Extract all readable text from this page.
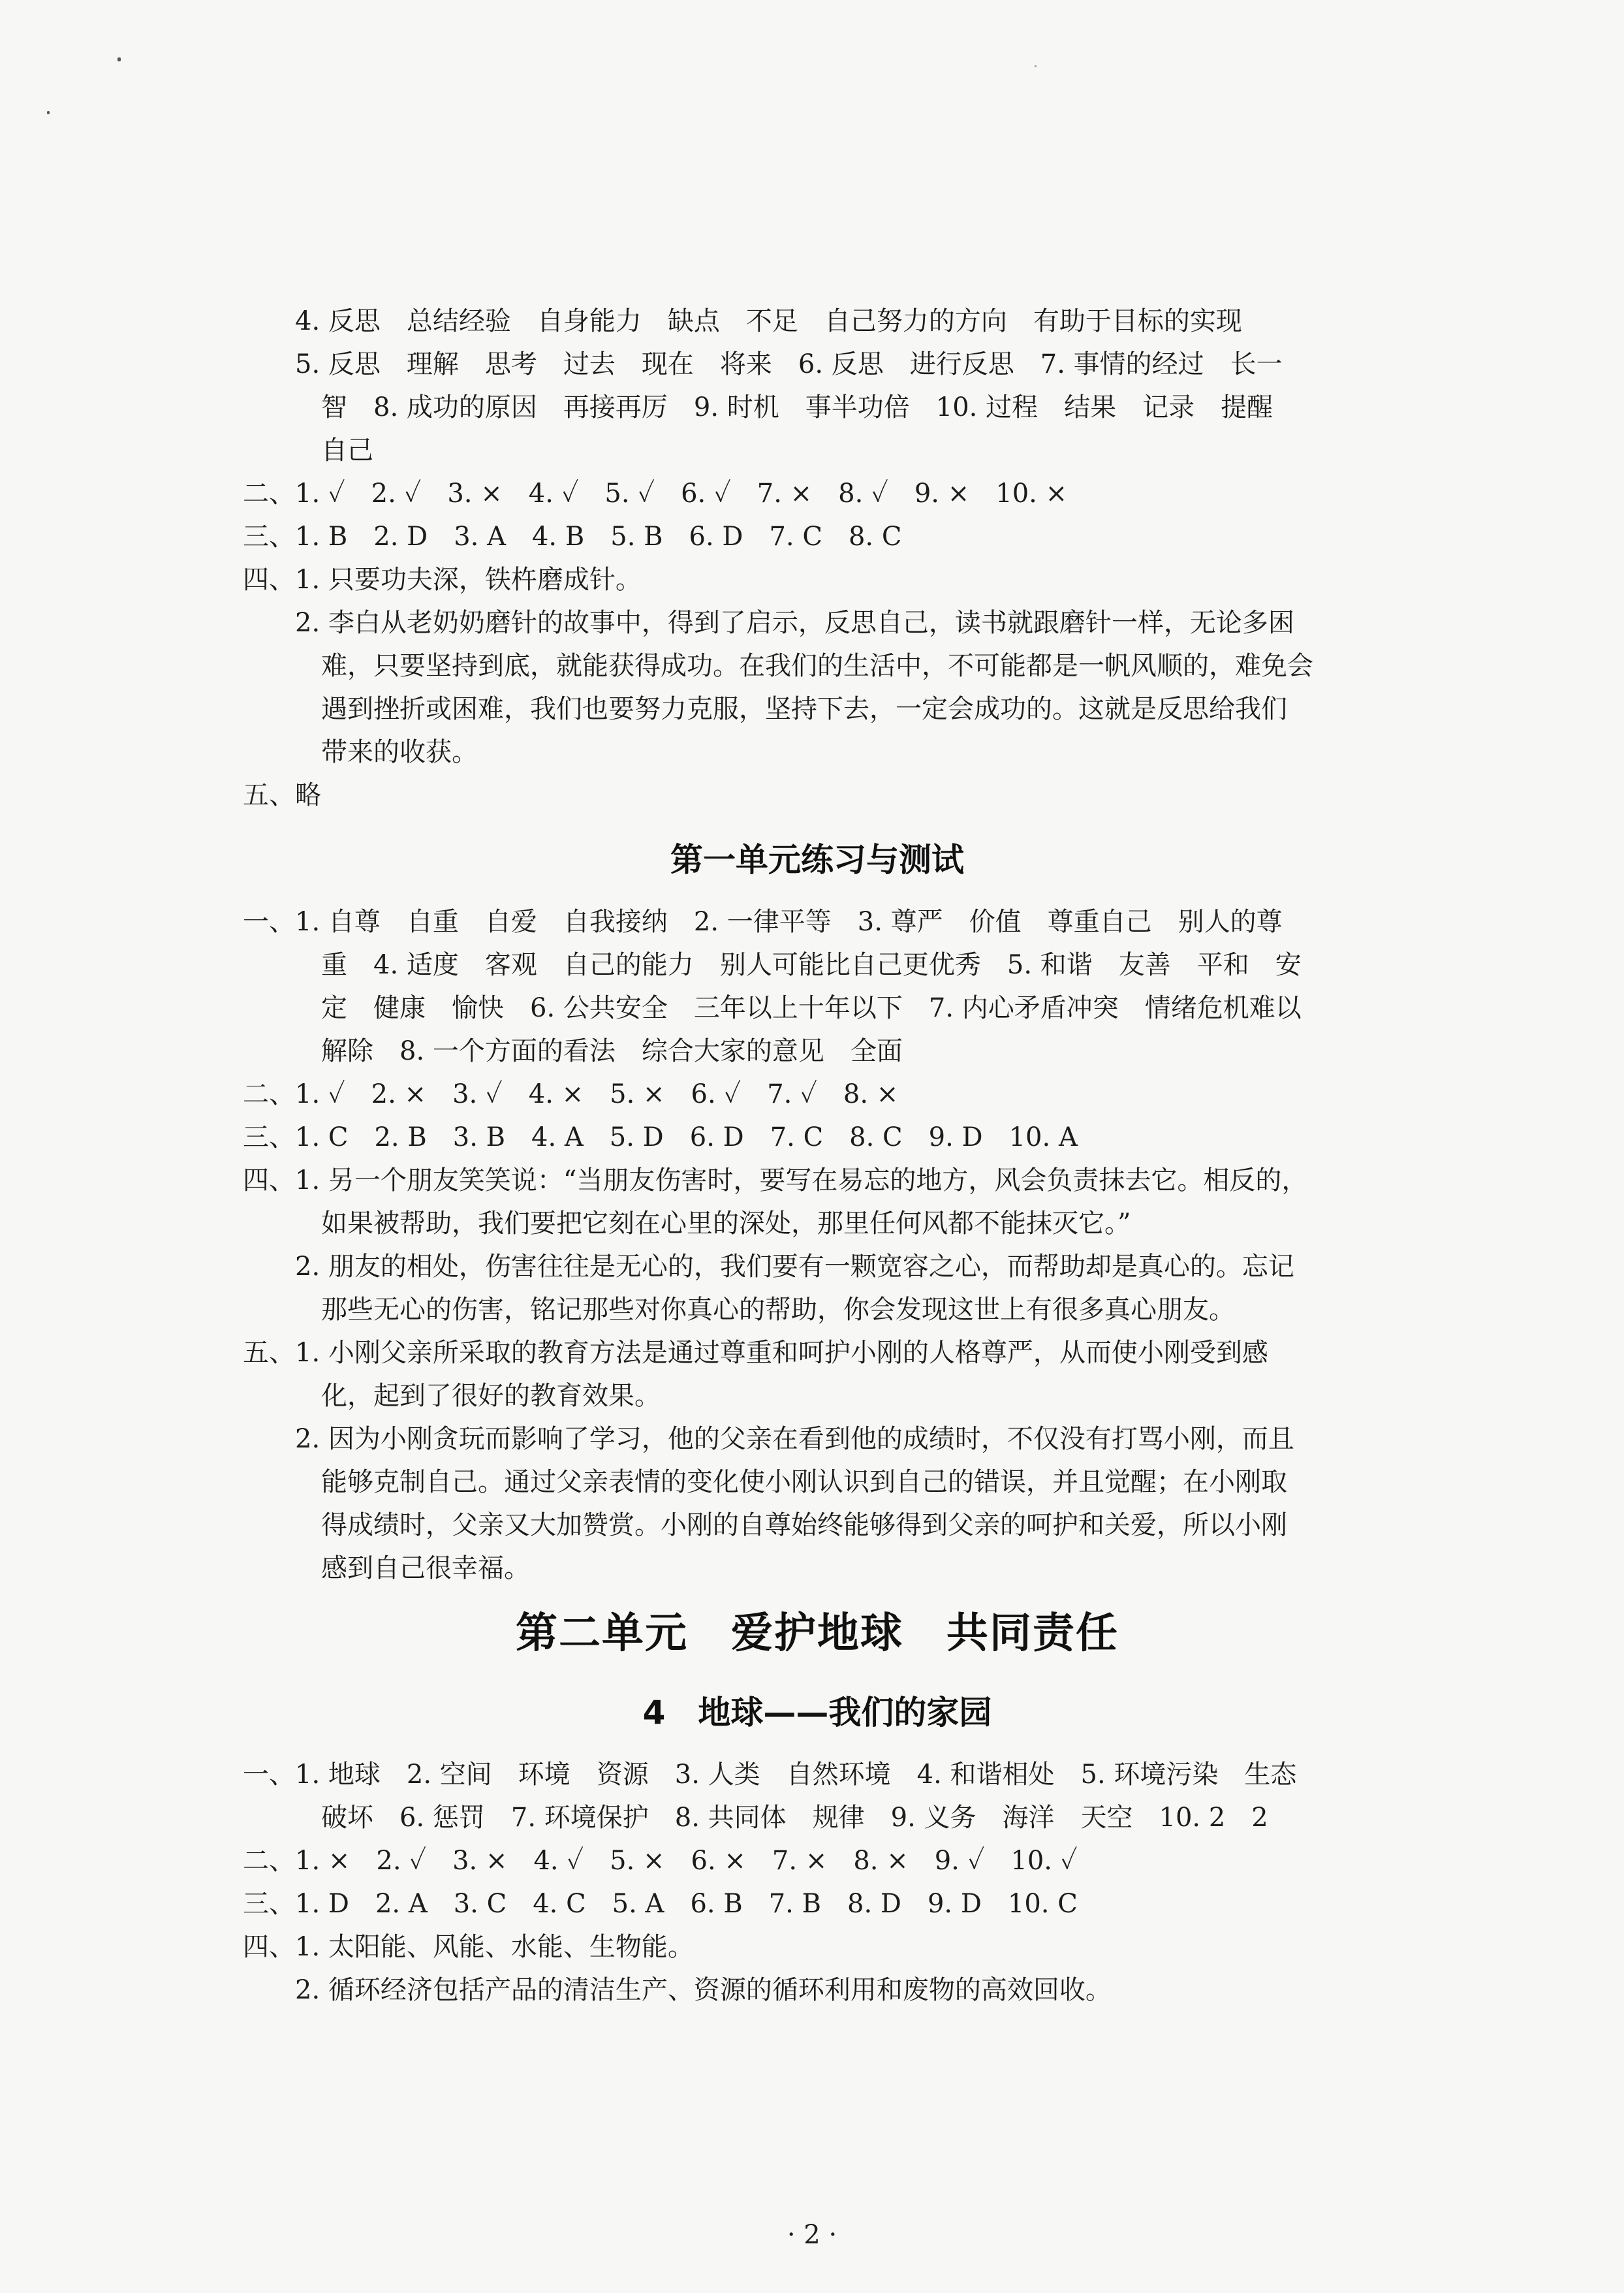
4. 反思　总结经验　自身能力　缺点　不足　自己努力的方向　有助于目标的实现
5. 反思　理解　思考　过去　现在　将来　6. 反思　进行反思　7. 事情的经过　长一
智　8. 成功的原因　再接再厉　9. 时机　事半功倍　10. 过程　结果　记录　提醒
自己
二、1. ✓　2. ✓　3. ×　4. ✓　5. ✓　6. ✓　7. ×　8. ✓　9. ×　10. ×
三、1. B　2. D　3. A　4. B　5. B　6. D　7. C　8. C
四、1. 只要功夫深，铁杵磨成针。
2. 李白从老奶奶磨针的故事中，得到了启示，反思自己，读书就跟磨针一样，无论多困
难，只要坚持到底，就能获得成功。在我们的生活中，不可能都是一帆风顺的，难免会
遇到挫折或困难，我们也要努力克服，坚持下去，一定会成功的。这就是反思给我们
带来的收获。
五、略
第一单元练习与测试
一、1. 自尊　自重　自爱　自我接纳　2. 一律平等　3. 尊严　价值　尊重自己　别人的尊
重　4. 适度　客观　自己的能力　别人可能比自己更优秀　5. 和谐　友善　平和　安
定　健康　愉快　6. 公共安全　三年以上十年以下　7. 内心矛盾冲突　情绪危机难以
解除　8. 一个方面的看法　综合大家的意见　全面
二、1. ✓　2. ×　3. ✓　4. ×　5. ×　6. ✓　7. ✓　8. ×
三、1. C　2. B　3. B　4. A　5. D　6. D　7. C　8. C　9. D　10. A
四、1. 另一个朋友笑笑说：“当朋友伤害时，要写在易忘的地方，风会负责抹去它。相反的，
如果被帮助，我们要把它刻在心里的深处，那里任何风都不能抹灭它。”
2. 朋友的相处，伤害往往是无心的，我们要有一颗宽容之心，而帮助却是真心的。忘记
那些无心的伤害，铭记那些对你真心的帮助，你会发现这世上有很多真心朋友。
五、1. 小刚父亲所采取的教育方法是通过尊重和呵护小刚的人格尊严，从而使小刚受到感
化，起到了很好的教育效果。
2. 因为小刚贪玩而影响了学习，他的父亲在看到他的成绩时，不仅没有打骂小刚，而且
能够克制自己。通过父亲表情的变化使小刚认识到自己的错误，并且觉醒；在小刚取
得成绩时，父亲又大加赞赏。小刚的自尊始终能够得到父亲的呵护和关爱，所以小刚
感到自己很幸福。
第二单元　爱护地球　共同责任
4　地球——我们的家园
一、1. 地球　2. 空间　环境　资源　3. 人类　自然环境　4. 和谐相处　5. 环境污染　生态
破坏　6. 惩罚　7. 环境保护　8. 共同体　规律　9. 义务　海洋　天空　10. 2　2
二、1. ×　2. ✓　3. ×　4. ✓　5. ×　6. ×　7. ×　8. ×　9. ✓　10. ✓
三、1. D　2. A　3. C　4. C　5. A　6. B　7. B　8. D　9. D　10. C
四、1. 太阳能、风能、水能、生物能。
2. 循环经济包括产品的清洁生产、资源的循环利用和废物的高效回收。
· 2 ·
